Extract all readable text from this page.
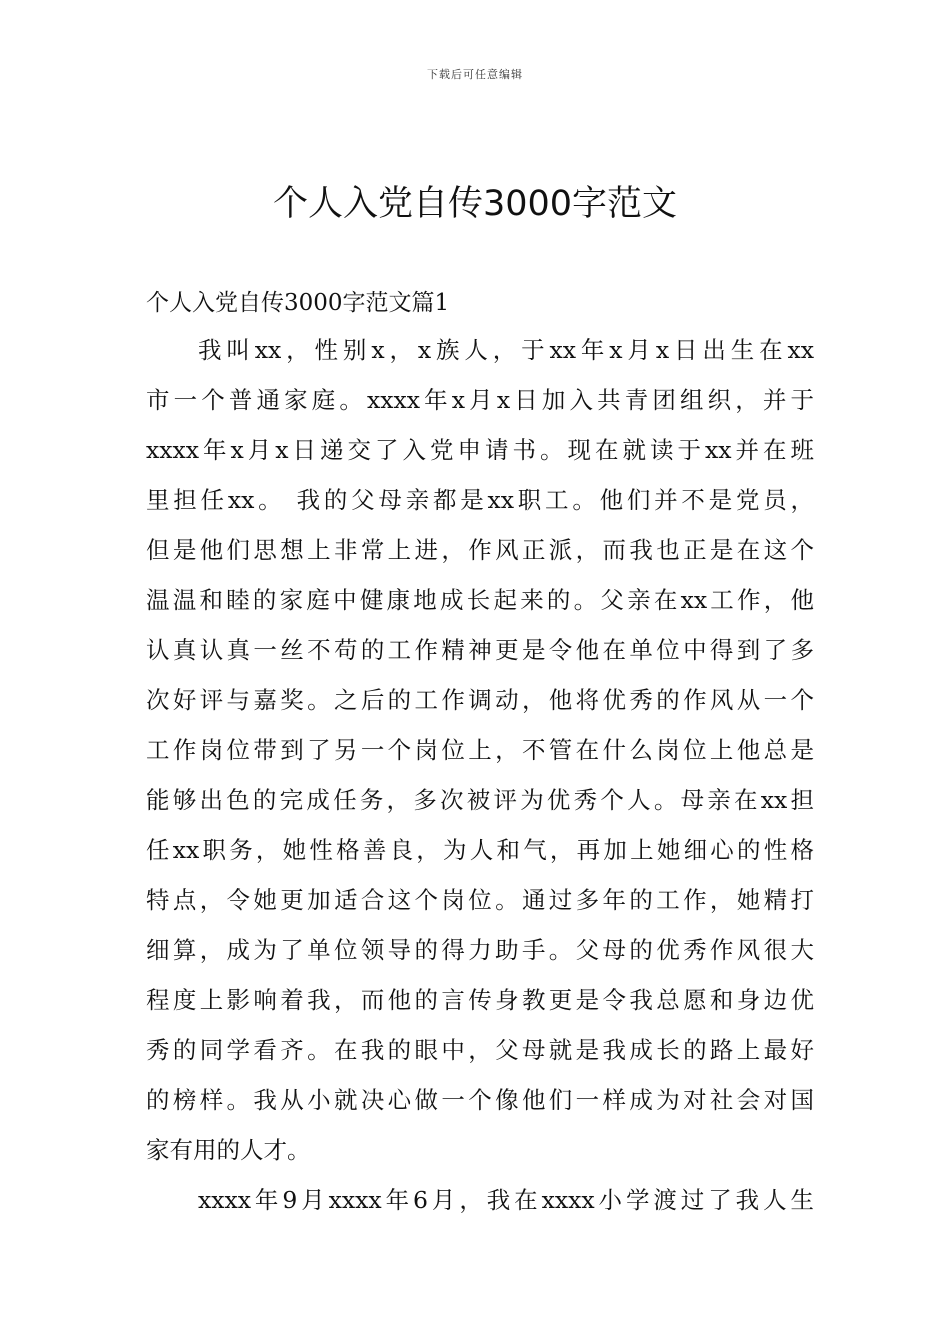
下载后可任意编辑
个人入党自传3000字范文
个人入党自传3000字范文篇1
我叫xx，性别x，x族人，于xx年x月x日出生在xx
市一个普通家庭。xxxx年x月x日加入共青团组织，并于
xxxx年x月x日递交了入党申请书。现在就读于xx并在班
里担任xx。 我的父母亲都是xx职工。他们并不是党员，
但是他们思想上非常上进，作风正派，而我也正是在这个
温温和睦的家庭中健康地成长起来的。父亲在xx工作，他
认真认真一丝不苟的工作精神更是令他在单位中得到了多
次好评与嘉奖。之后的工作调动，他将优秀的作风从一个
工作岗位带到了另一个岗位上，不管在什么岗位上他总是
能够出色的完成任务，多次被评为优秀个人。母亲在xx担
任xx职务，她性格善良，为人和气，再加上她细心的性格
特点，令她更加适合这个岗位。通过多年的工作，她精打
细算，成为了单位领导的得力助手。父母的优秀作风很大
程度上影响着我，而他的言传身教更是令我总愿和身边优
秀的同学看齐。在我的眼中，父母就是我成长的路上最好
的榜样。我从小就决心做一个像他们一样成为对社会对国
家有用的人才。
xxxx年9月xxxx年6月，我在xxxx小学渡过了我人生
